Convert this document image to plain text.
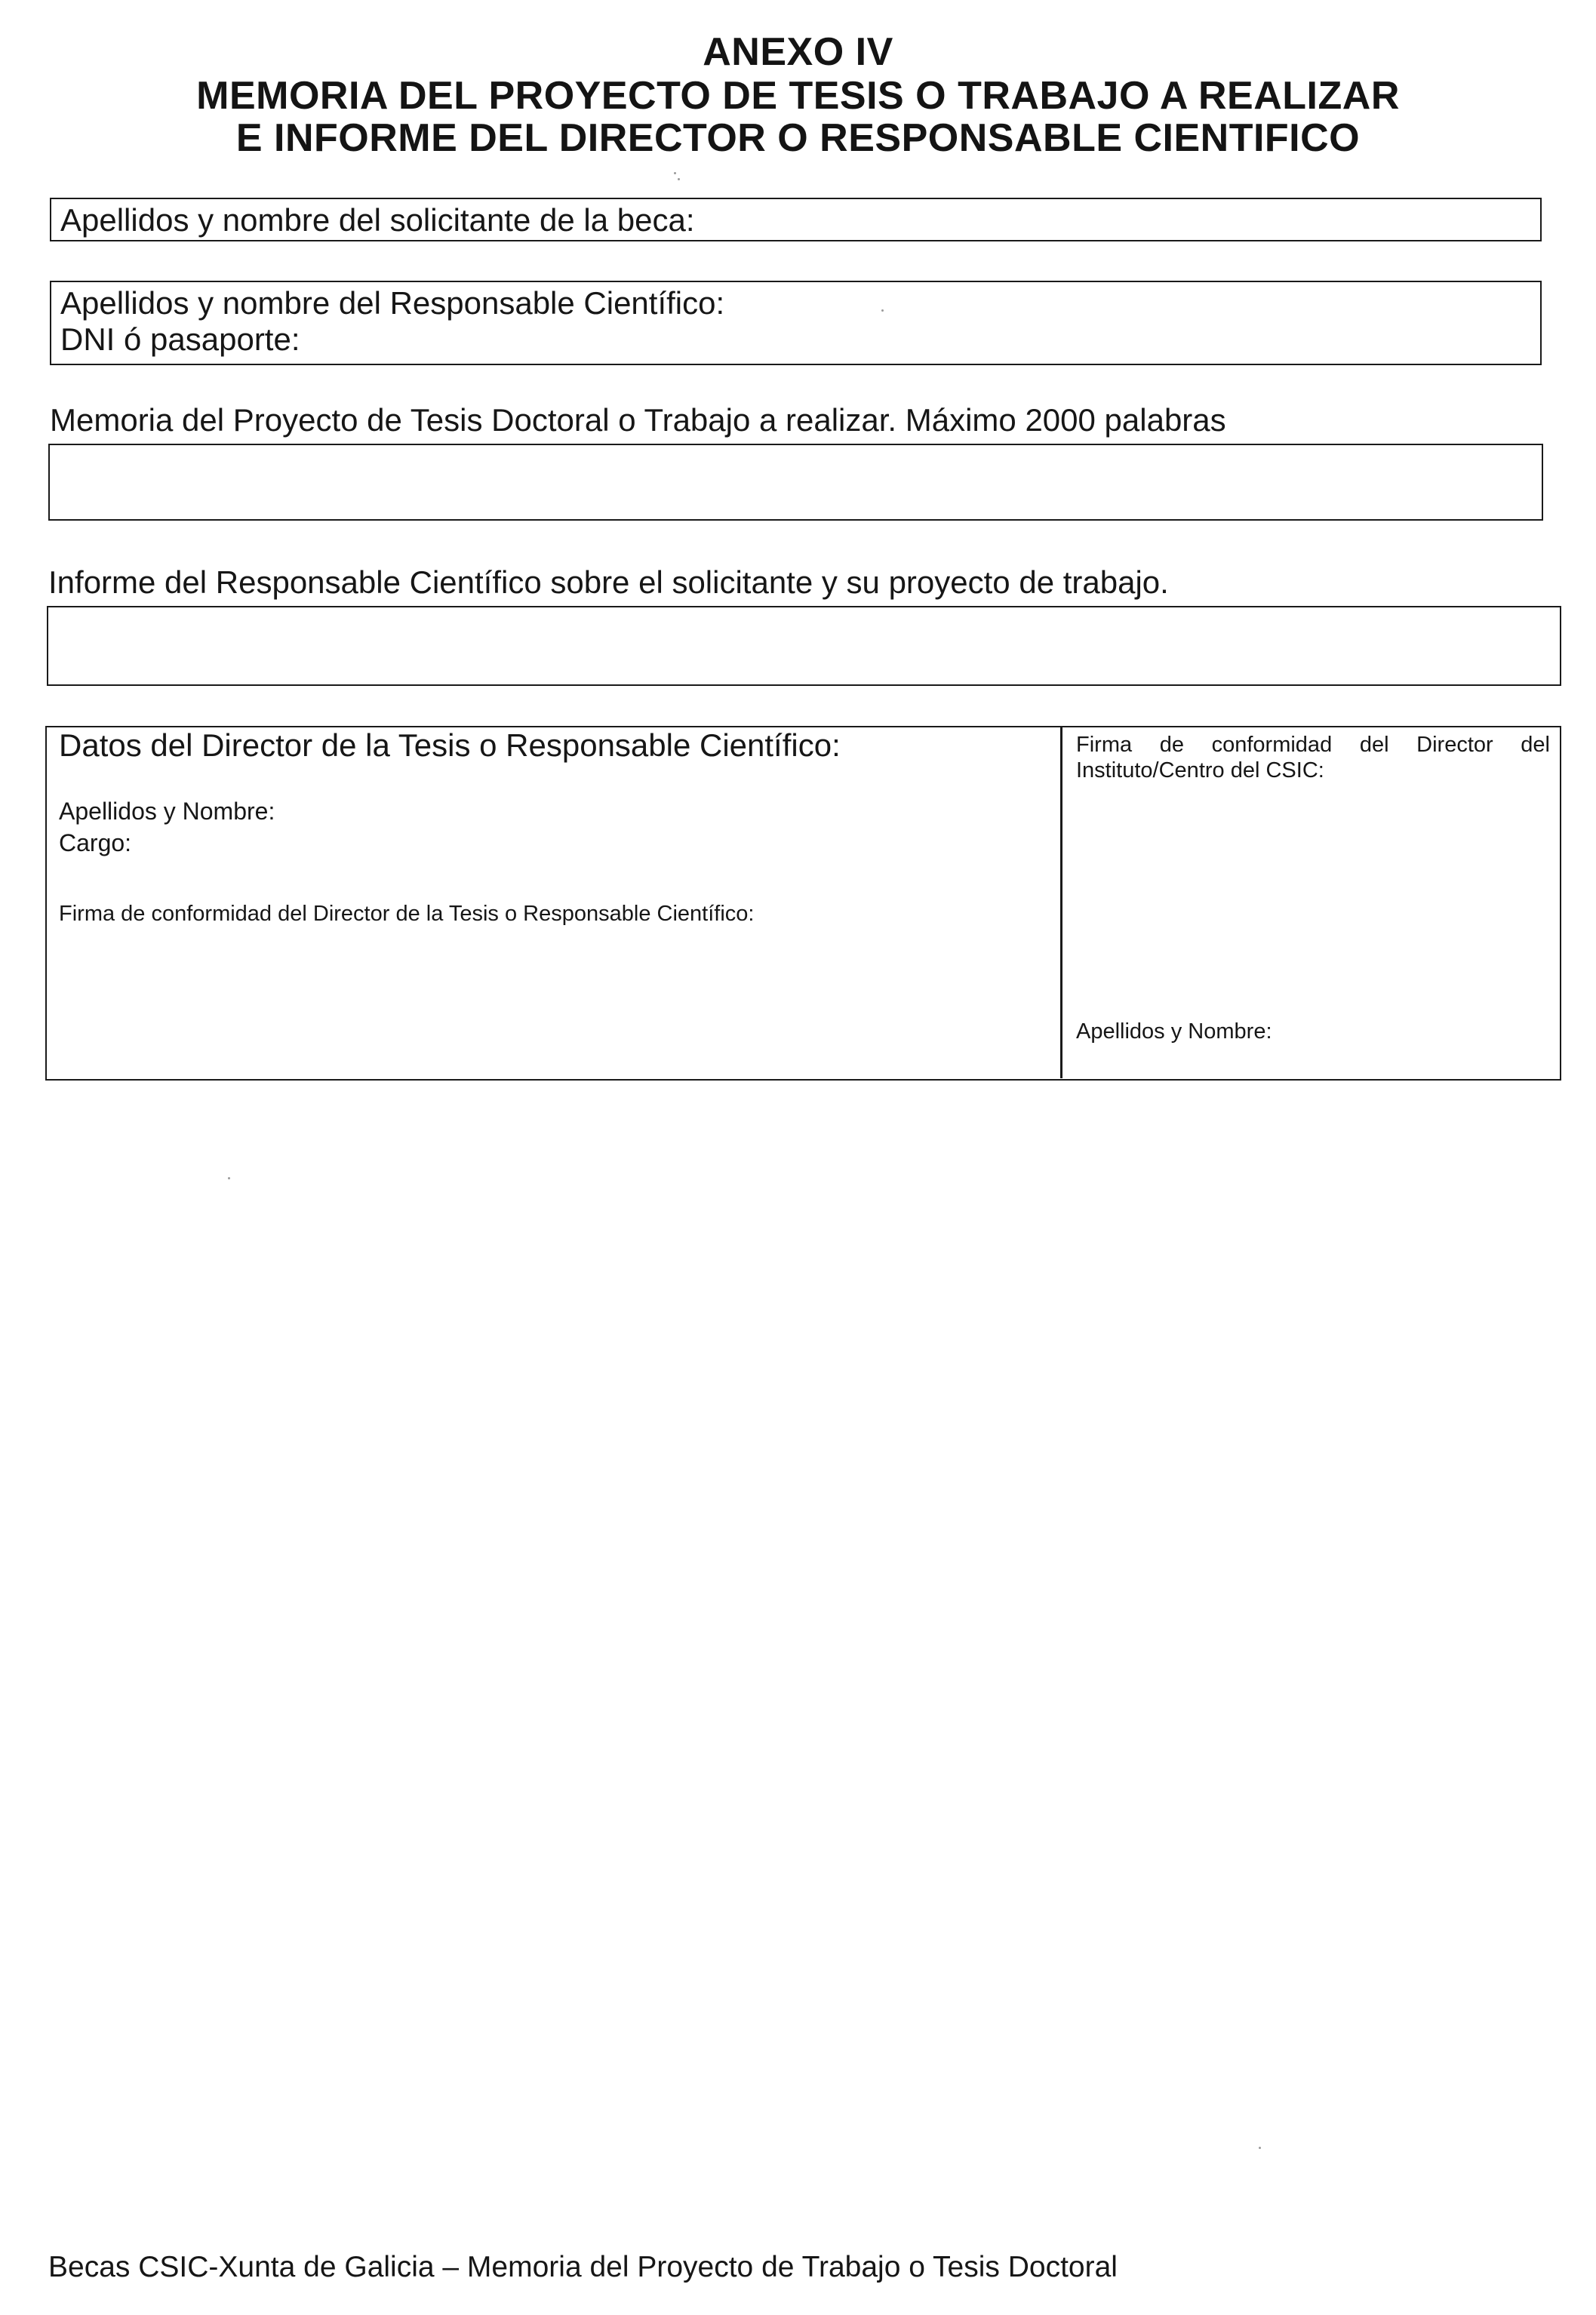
ANEXO IV
MEMORIA DEL PROYECTO DE TESIS O TRABAJO A REALIZAR
E INFORME DEL DIRECTOR O RESPONSABLE CIENTIFICO
Apellidos y nombre del solicitante de la beca:
Apellidos y nombre del Responsable Científico:
DNI ó pasaporte:
Memoria del Proyecto de Tesis Doctoral o Trabajo a realizar. Máximo 2000 palabras
Informe del Responsable Científico sobre el solicitante y su proyecto de trabajo.
Datos del Director de la Tesis o Responsable Científico:
Apellidos y Nombre:
Cargo:
Firma de conformidad del Director de la Tesis o Responsable Científico:
Firma de conformidad del Director del
Instituto/Centro del CSIC:
Apellidos y Nombre:
Becas CSIC-Xunta de Galicia – Memoria del Proyecto de Trabajo o Tesis Doctoral
